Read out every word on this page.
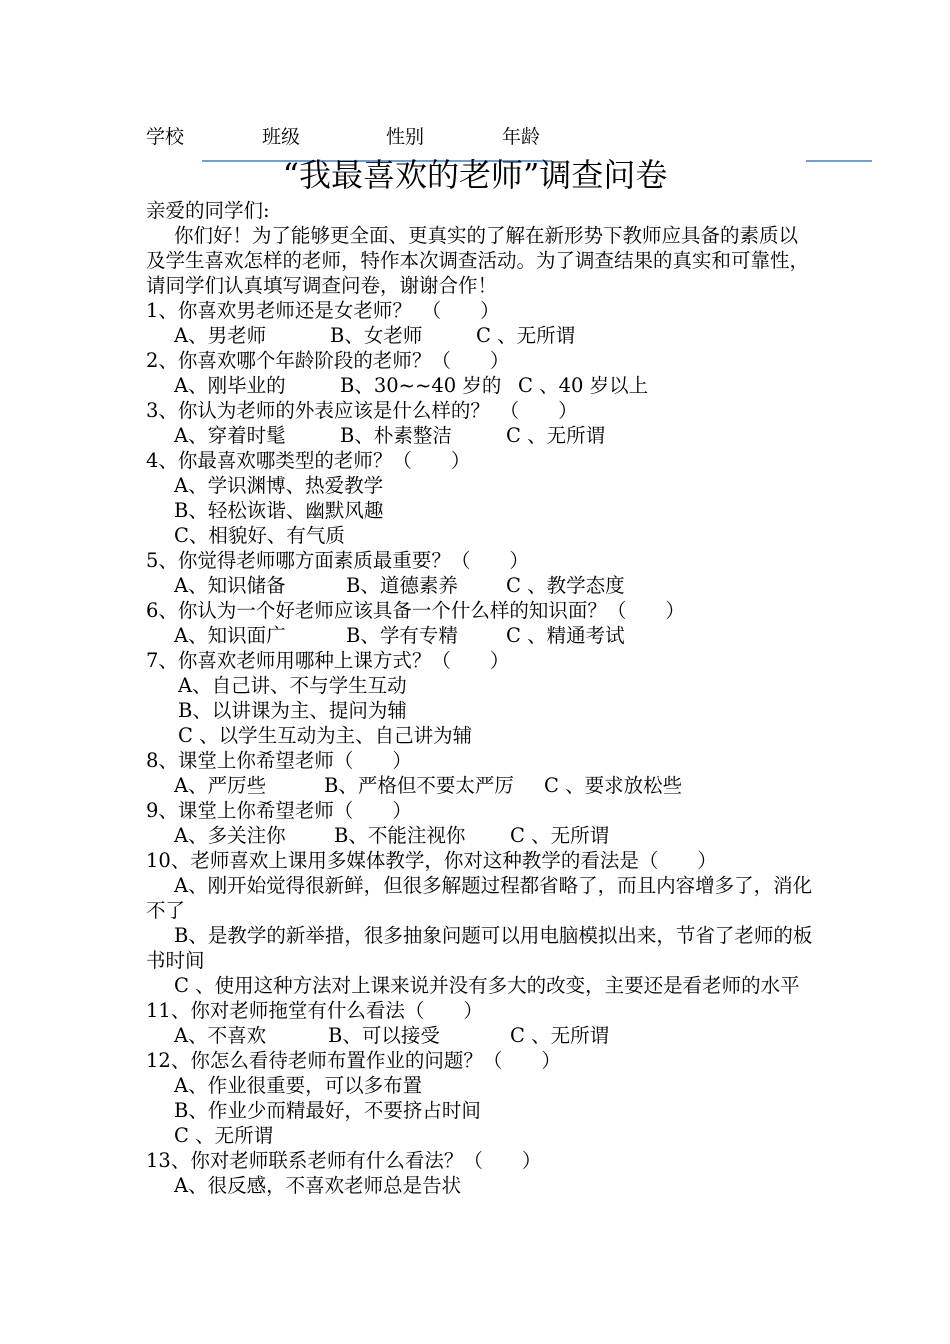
学校	班级	性别	年龄
“我最喜欢的老师”调查问卷

亲爱的同学们:

你们好！为了能够更全面、更真实的了解在新形势下教师应具备的素质以及学生喜欢怎样的老师，特作本次调查活动。为了调查结果的真实和可靠性，请同学们认真填写调查问卷，谢谢合作！

1、你喜欢男老师还是女老师？　（　　）

A、男老师	B、女老师	C 、无所谓

2、你喜欢哪个年龄阶段的老师？（　　）

A、刚毕业的	B、30~~40 岁的 C 、40 岁以上

3、你认为老师的外表应该是什么样的？　（　　）

A、穿着时髦	B、朴素整洁	C 、无所谓

4、你最喜欢哪类型的老师？（　　）

A、学识渊博、热爱教学

B、轻松诙谐、幽默风趣

C、相貌好、有气质

5、你觉得老师哪方面素质最重要？（　　）

A、知识储备	B、道德素养 C 、教学态度

6、你认为一个好老师应该具备一个什么样的知识面？（　　）

A、知识面广	B、学有专精 C 、精通考试

7、你喜欢老师用哪种上课方式？（　　）

A、自己讲、不与学生互动

B、以讲课为主、提问为辅

C 、以学生互动为主、自己讲为辅

8、课堂上你希望老师（　　）

A、严厉些	B、严格但不要太严厉 C 、要求放松些

9、课堂上你希望老师（　　）

A、多关注你 B、不能注视你 C 、无所谓

10、老师喜欢上课用多媒体教学，你对这种教学的看法是（　　）

A、刚开始觉得很新鲜，但很多解题过程都省略了，而且内容增多了，消化不了

B、是教学的新举措，很多抽象问题可以用电脑模拟出来，节省了老师的板书时间

C 、使用这种方法对上课来说并没有多大的改变，主要还是看老师的水平

11、你对老师拖堂有什么看法（　　）

A、不喜欢	B、可以接受	C 、无所谓

12、你怎么看待老师布置作业的问题？（　　）

A、作业很重要，可以多布置

B、作业少而精最好，不要挤占时间

C 、无所谓

13、你对老师联系老师有什么看法？（　　）

A、很反感，不喜欢老师总是告状
